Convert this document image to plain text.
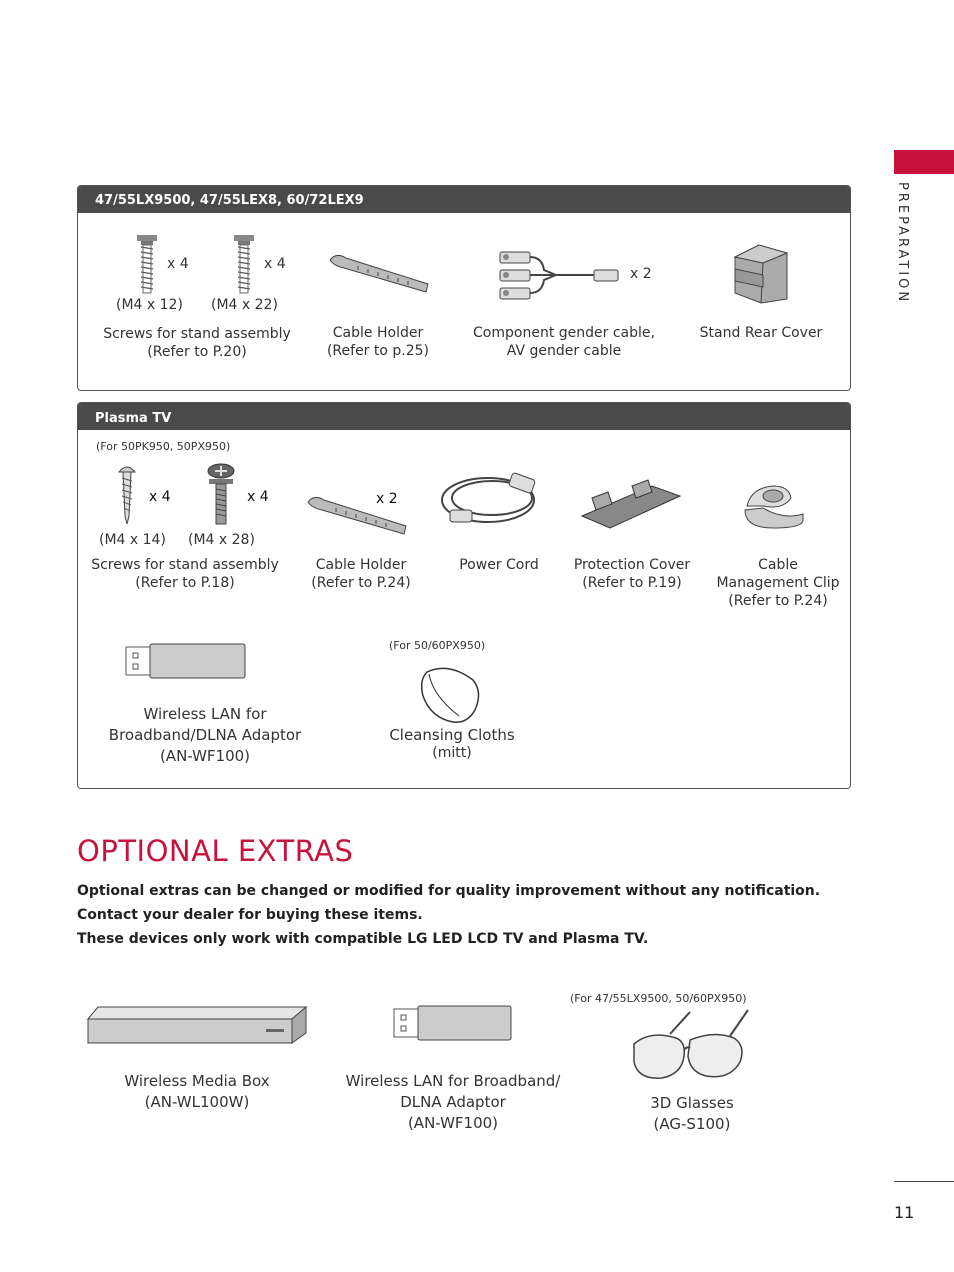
PREPARATION
47/55LX9500, 47/55LEX8, 60/72LEX9
x 4	x 4
(M4 x 12) (M4 x 22)
Screws for stand assembly
(Refer to P.20)
Cable Holder
(Refer to p.25)
x 2
Component gender cable,
AV gender cable
Stand Rear Cover
Plasma TV
(For 50PK950, 50PX950)
x 4	x 4
(M4 x 14) (M4 x 28)
Screws for stand assembly
(Refer to P.18)
x 2
Cable Holder
(Refer to P.24)
Power Cord	Protection Cover
(Refer to P.19)
Cable
Management Clip
(Refer to P.24)
Wireless LAN for
Broadband/DLNA Adaptor
(AN-WF100)
(For 50/60PX950)
Cleansing Cloths
(mitt)
OPTIONAL EXTRAS
Optional extras can be changed or modified for quality improvement without any notification.
Contact your dealer for buying these items.
These devices only work with compatible LG LED LCD TV and Plasma TV.
Wireless Media Box
(AN-WL100W)
Wireless LAN for Broadband/
DLNA Adaptor
(AN-WF100)
(For 47/55LX9500, 50/60PX950)
3D Glasses
(AG-S100)
11
